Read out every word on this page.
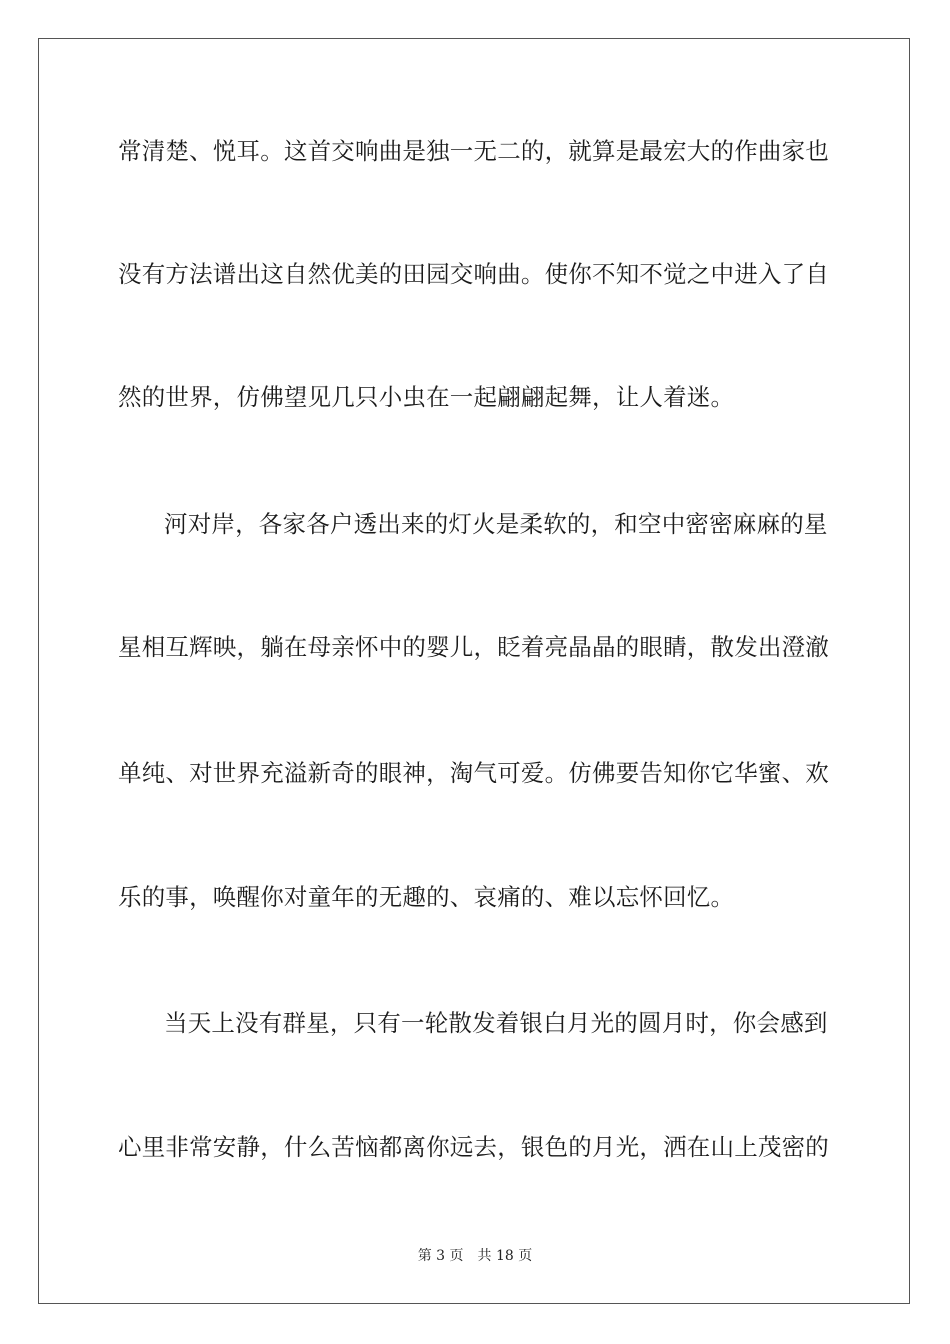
常清楚、悦耳。这首交响曲是独一无二的，就算是最宏大的作曲家也
没有方法谱出这自然优美的田园交响曲。使你不知不觉之中进入了自
然的世界，仿佛望见几只小虫在一起翩翩起舞，让人着迷。
河对岸，各家各户透出来的灯火是柔软的，和空中密密麻麻的星
星相互辉映，躺在母亲怀中的婴儿，眨着亮晶晶的眼睛，散发出澄澈
单纯、对世界充溢新奇的眼神，淘气可爱。仿佛要告知你它华蜜、欢
乐的事，唤醒你对童年的无趣的、哀痛的、难以忘怀回忆。
当天上没有群星，只有一轮散发着银白月光的圆月时，你会感到
心里非常安静，什么苦恼都离你远去，银色的月光，洒在山上茂密的
第 3 页 共 18 页
